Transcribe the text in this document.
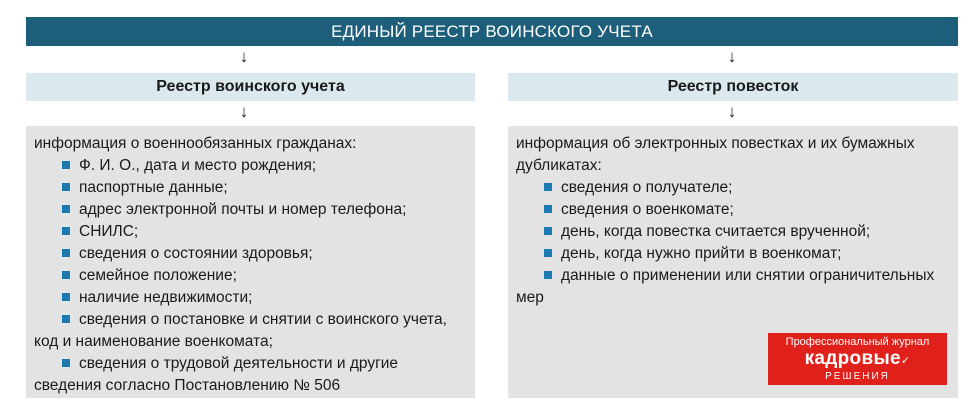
ЕДИНЫЙ РЕЕСТР ВОИНСКОГО УЧЕТА
↓	↓
Реестр воинского учета	Реестр повесток
↓	↓

информация о военнообязанных гражданах:

Ф. И. О., дата и место рождения;
паспортные данные;
адрес электронной почты и номер телефона;
СНИЛС;
сведения о состоянии здоровья;
семейное положение;
наличие недвижимости;
сведения о постановке и снятии с воинского учета, код и наименование военкомата;
сведения о трудовой деятельности и другие сведения согласно Постановлению № 506

информация об электронных повестках и их бумажных дубликатах:

сведения о получателе;
сведения о военкомате;
день, когда повестка считается врученной;
день, когда нужно прийти в военкомат;
данные о применении или снятии ограничительных мер
Профессиональный журнал
кадровые✓
РЕШЕНИЯ
